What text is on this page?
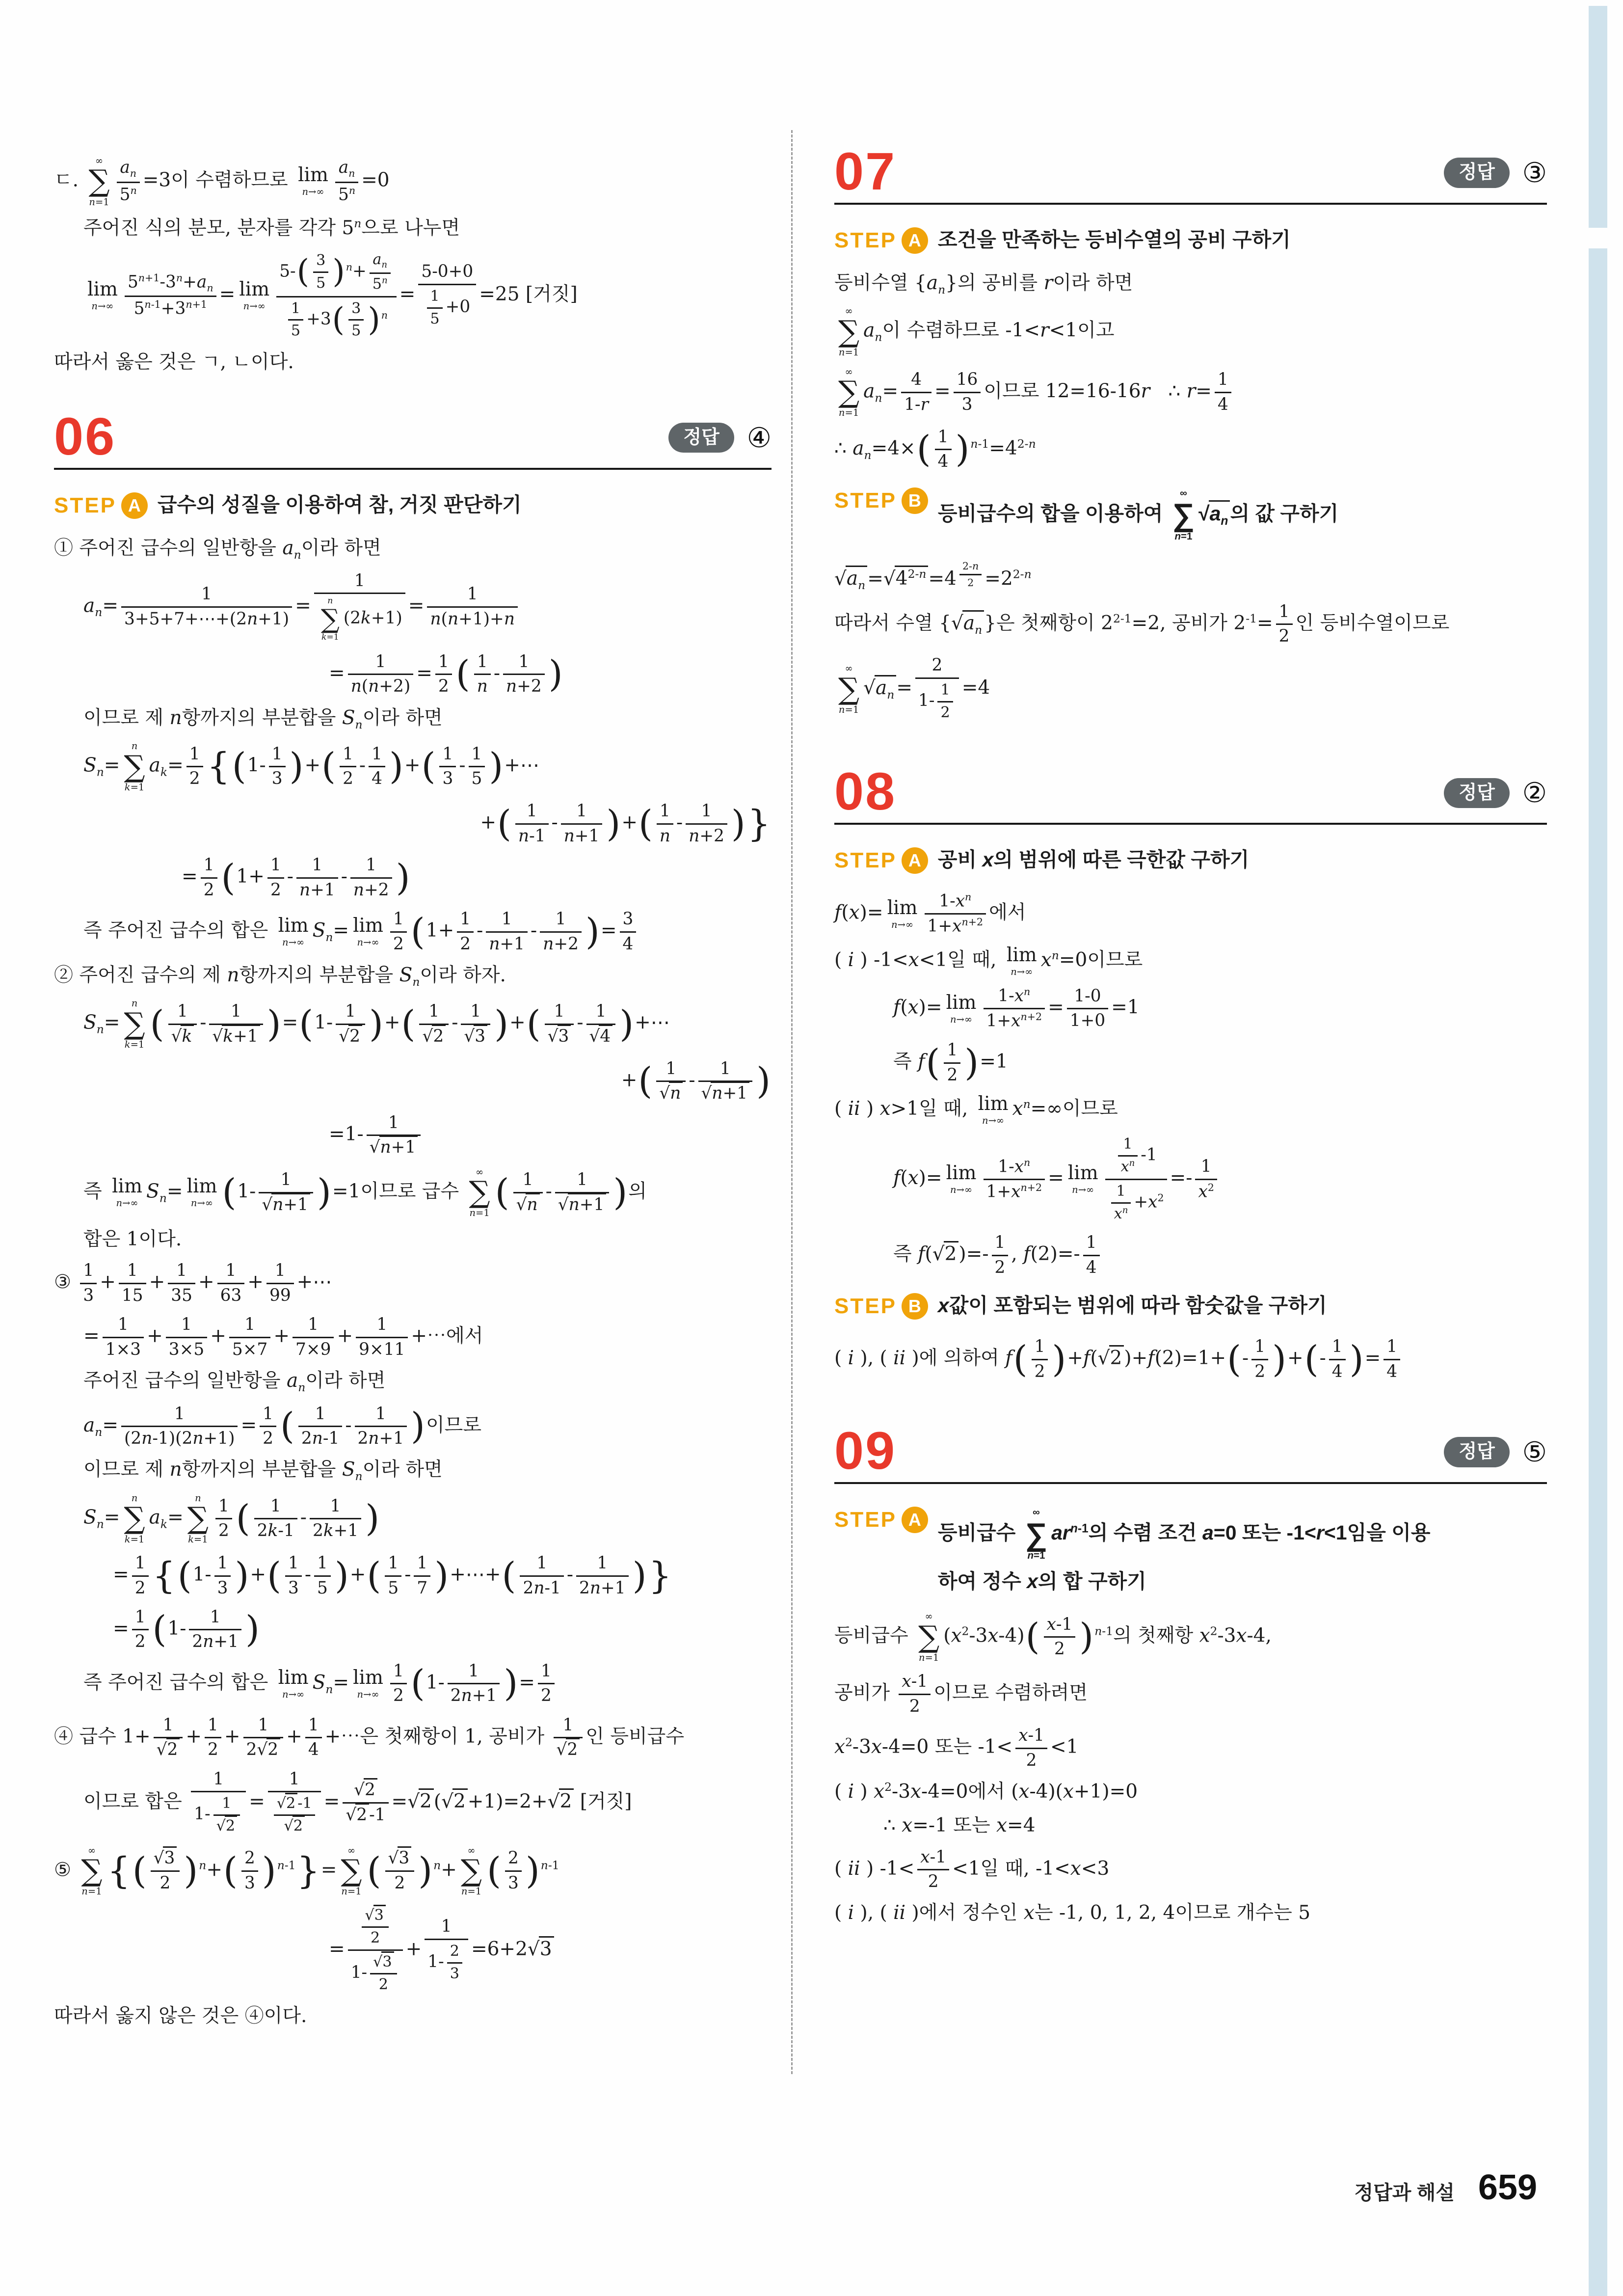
ㄷ.
∞
∑
$n=1 \frac{a_n}{5^n} =3$이 수렴하므로 lim
$n\to\infty \frac{a_n}{5^n} =0$
주어진 식의 분모, 분자를 각각 5$^n$으로 나누면
lim
$n\to\infty \frac{5^{n+1}-3^n+a_n}{5^{n-1}+3^{n+1}} = \lim$
$n\to\infty \frac{5-( \frac{3}{5} )^n+ \frac{a_n}{5^n}}{\frac{1}{5} +3( \frac{3}{5} )^n} = \frac{5-0+0}{\frac{1}{5} +0} =25$ [거짓]
따라서 옳은 것은 ㄱ, ㄴ이다.
06	정답	④
STEP A 급수의 성질을 이용하여 참, 거짓 판단하기
① 주어진 급수의 일반항을 $a_n$이라 하면
$a_n= \frac{1}{3+5+7+\cdots+(2n+1)} = 1$
n
∑
k=1
$(2k+1) = \frac{1}{n(n+1)+n}$
= $\frac{1}{n(n+2)} = \frac{1}{2}$ ( $\frac{1}{n} - \frac{1}{n+2}$ )
이므로 제 n항까지의 부분합을 $S_n$이라 하면
$S_n=$
n
∑
k=1
$a_k= \frac{1}{2} \{(1- \frac{1}{3}$ )+( $\frac{1}{2} - \frac{1}{4}$ )+( $\frac{1}{3} - \frac{1}{5}$ )+⋯
+( $\frac{1}{n-1} - \frac{1}{n+1}$ )+( $\frac{1}{n} - \frac{1}{n+2}$ )}
= $\frac{1}{2} (1+ \frac{1}{2} - \frac{1}{n+1} - \frac{1}{n+2}$ )
즉 주어진 급수의 합은 lim
n→∞
$S_n= \lim$
$n\to\infty \frac{1}{2} (1+ \frac{1}{2} - \frac{1}{n+1} - \frac{1}{n+2}$ )= $\frac{3}{4}$
② 주어진 급수의 제 n항까지의 부분합을 $S_n$이라 하자.
$S_n=$
n
∑
k=1 ( $\frac{1}{√k} - \frac{1}{√k+1} )=(1- \frac{1}{√2}$ )+( $\frac{1}{√2} - \frac{1}{√3}$ )+( $\frac{1}{√3} - \frac{1}{√4}$ )+⋯
+( $\frac{1}{√n} - \frac{1}{√n+1}$ )
$=1- \frac{1}{√n+1}$
즉 lim
n→∞
$S_n= \lim$
n→∞ $(1- \frac{1}{√n+1} )=1$이므로 급수
∞
∑
n=1 ( $\frac{1}{√n} - \frac{1}{√n+1}$ )의
합은 1이다.
③ $\frac{1}{3} + \frac{1}{15} + \frac{1}{35} + \frac{1}{63} + \frac{1}{99}$ +⋯
= $\frac{1}{1\times 3} + \frac{1}{3\times 5} + \frac{1}{5\times 7} + \frac{1}{7\times 9} + \frac{1}{9\times 11}$ +⋯에서
주어진 급수의 일반항을 $a_n$이라 하면
$a_n= \frac{1}{(2n-1)(2n+1)} = \frac{1}{2}$ ( $\frac{1}{2n-1} - \frac{1}{2n+1}$ )이므로
이므로 제 n항까지의 부분합을 $S_n$이라 하면
$S_n=$
n
∑
k=1
$a_k=$
n
∑
$k=1 \frac{1}{2}$ ( $\frac{1}{2k-1} - \frac{1}{2k+1}$ )
= $\frac{1}{2} \{(1- \frac{1}{3}$ )+( $\frac{1}{3} - \frac{1}{5}$ )+( $\frac{1}{5} - \frac{1}{7}$ )+⋯+( $\frac{1}{2n-1} - \frac{1}{2n+1}$ )}
= $\frac{1}{2} (1- \frac{1}{2n+1}$ )
즉 주어진 급수의 합은 lim
n→∞
$S_n= \lim$
$n\to\infty \frac{1}{2} (1- \frac{1}{2n+1}$ )= $\frac{1}{2}$
④ 급수 $1+ \frac{1}{√2} + \frac{1}{2} + \frac{1}{2√2} + \frac{1}{4}$ +⋯은 첫째항이 1, 공비가 $\frac{1}{√2}$ 인 등비급수
이므로 합은 $\frac{1}{1- \frac{1}{√2}} = \frac{1}{\frac{√2 -1}{√2}} = \frac{√2}{√2 -1} =√2$ (√2 +1)=2+√2 [거짓]
⑤
∞
∑
n=1 {( $\frac{√3}{2} )^n+( \frac{2}{3} )^{n-1}\}=$
∞
∑
n=1 ( $\frac{√3}{2} )^n+$
∞
∑
n=1 ( $\frac{2}{3} )^{n-1}$
= $\frac{\frac{√3}{2}}{1- \frac{√3}{2}} + \frac{1}{1- \frac{2}{3}} =6+2√3$
따라서 옳지 않은 것은 ④이다.
07	정답	③
STEP A 조건을 만족하는 등비수열의 공비 구하기
등비수열 $\{a_n\}$의 공비를 r이라 하면
∞
∑
n=1
$a_n$이 수렴하므로 -1<r<1이고
∞
∑
n=1
$a_n= \frac{4}{1-r} = \frac{16}{3}$ 이므로 12=16-16r   ∴ $r= \frac{1}{4}$
∴ $a_n=4\times( \frac{1}{4} )^{n-1}=4^{2-n}$
STEP B
등비급수의 합을 이용하여
∞
∑
n=1
$√a_n$의 값 구하기
$√a_n =√4^{2-n} =4$ $^{\frac{2-n}{2}} =2^{2-n}$
따라서 수열 {$√a_n$ }은 첫째항이 $2^{2-1}=2$, 공비가 $2^{-1}= \frac{1}{2}$ 인 등비수열이므로
∞
∑
n=1
$√a_n = \frac{2}{1- \frac{1}{2}} =4$
08	정답	②
STEP A 공비 x의 범위에 따른 극한값 구하기
f(x)= lim
$n\to\infty \frac{1-x^n}{1+x^{n+2}}$ 에서
( i ) -1<x<1일 때, lim
n→∞
$x^n=0$이므로
f(x)= lim
$n\to\infty \frac{1-x^n}{1+x^{n+2}} = \frac{1-0}{1+0} =1$
즉 $f( \frac{1}{2} )=1$
( ii ) x>1일 때, lim
n→∞
$x^n=\infty$이므로
f(x)= lim
$n\to\infty \frac{1-x^n}{1+x^{n+2}} = \lim$
$n\to\infty \frac{\frac{1}{x^n} -1}{\frac{1}{x^n} +x^2} =- \frac{1}{x^2}$
즉 f(√2 )=- $\frac{1}{2}$ , $f(2)=- \frac{1}{4}$
STEP B x값이 포함되는 범위에 따라 함숫값을 구하기
( i ), ( ii )에 의하여 $f( \frac{1}{2} )+f(√2$ )$+f(2)=1+(- \frac{1}{2}$ )+(- $\frac{1}{4}$ )= $\frac{1}{4}$
09	정답	⑤
STEP A
등비급수
∞
∑
n=1
$ar^{n-1}$의 수렴 조건 a=0 또는 -1<r<1임을 이용
하여 정수 x의 합 구하기
등비급수
∞
∑
n=1
$(x^2-3x-4)( \frac{x-1}{2} )^{n-1}$의 첫째항 $x^2-3x-4$,
공비가 $\frac{x-1}{2}$ 이므로 수렴하려면
$x^2-3x-4=0$ 또는 $-1< \frac{x-1}{2} <1$
( i ) $x^2-3x-4=0$에서 (x-4)(x+1)=0
∴ x=-1 또는 x=4
( ii ) $-1< \frac{x-1}{2} <1$일 때, -1<x<3
( i ), ( ii )에서 정수인 x는 -1, 0, 1, 2, 4이므로 개수는 5
정답과 해설 659
